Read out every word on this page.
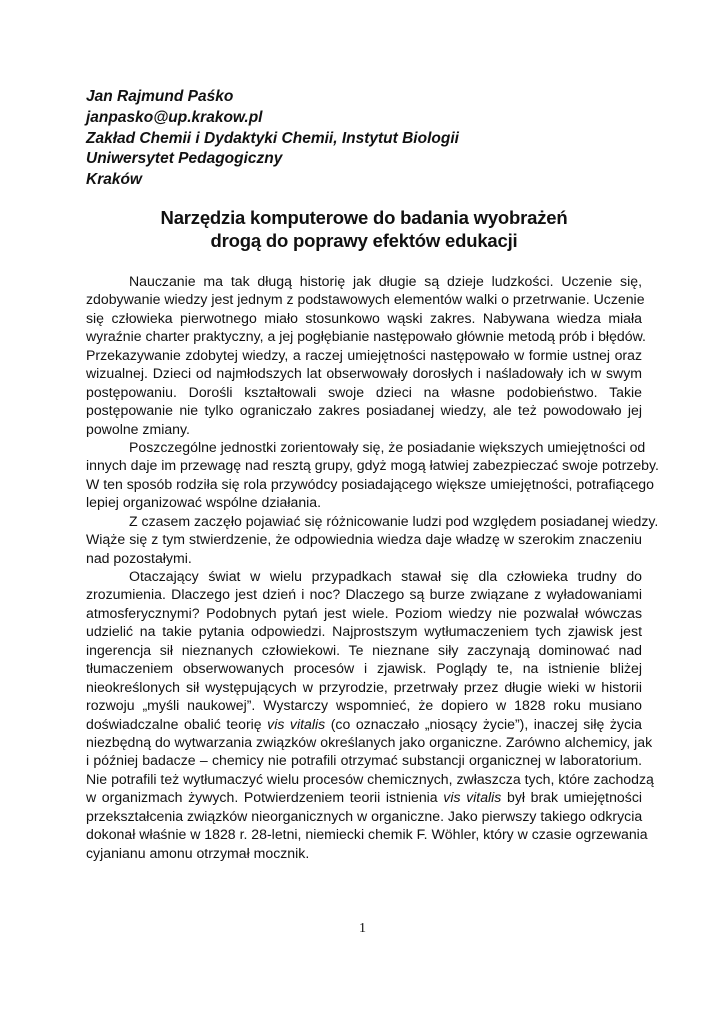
Jan Rajmund Paśko
janpasko@up.krakow.pl
Zakład Chemii i Dydaktyki Chemii, Instytut Biologii
Uniwersytet Pedagogiczny
Kraków
Narzędzia komputerowe do badania wyobrażeń
drogą do poprawy efektów edukacji
Nauczanie ma tak długą historię jak długie są dzieje ludzkości. Uczenie się,
zdobywanie wiedzy jest jednym z podstawowych elementów walki o przetrwanie. Uczenie
się człowieka pierwotnego miało stosunkowo wąski zakres. Nabywana wiedza miała
wyraźnie charter praktyczny, a jej pogłębianie następowało głównie metodą prób i błędów.
Przekazywanie zdobytej wiedzy, a raczej umiejętności następowało w formie ustnej oraz
wizualnej. Dzieci od najmłodszych lat obserwowały dorosłych i naśladowały ich w swym
postępowaniu. Dorośli kształtowali swoje dzieci na własne podobieństwo. Takie
postępowanie nie tylko ograniczało zakres posiadanej wiedzy, ale też powodowało jej
powolne zmiany.
Poszczególne jednostki zorientowały się, że posiadanie większych umiejętności od
innych daje im przewagę nad resztą grupy, gdyż mogą łatwiej zabezpieczać swoje potrzeby.
W ten sposób rodziła się rola przywódcy posiadającego większe umiejętności, potrafiącego
lepiej organizować wspólne działania.
Z czasem zaczęło pojawiać się różnicowanie ludzi pod względem posiadanej wiedzy.
Wiąże się z tym stwierdzenie, że odpowiednia wiedza daje władzę w szerokim znaczeniu
nad pozostałymi.
Otaczający świat w wielu przypadkach stawał się dla człowieka trudny do
zrozumienia. Dlaczego jest dzień i noc? Dlaczego są burze związane z wyładowaniami
atmosferycznymi? Podobnych pytań jest wiele. Poziom wiedzy nie pozwalał wówczas
udzielić na takie pytania odpowiedzi. Najprostszym wytłumaczeniem tych zjawisk jest
ingerencja sił nieznanych człowiekowi. Te nieznane siły zaczynają dominować nad
tłumaczeniem obserwowanych procesów i zjawisk. Poglądy te, na istnienie bliżej
nieokreślonych sił występujących w przyrodzie, przetrwały przez długie wieki w historii
rozwoju „myśli naukowej”. Wystarczy wspomnieć, że dopiero w 1828 roku musiano
doświadczalne obalić teorię vis vitalis (co oznaczało „niosący życie”), inaczej siłę życia
niezbędną do wytwarzania związków określanych jako organiczne. Zarówno alchemicy, jak
i później badacze – chemicy nie potrafili otrzymać substancji organicznej w laboratorium.
Nie potrafili też wytłumaczyć wielu procesów chemicznych, zwłaszcza tych, które zachodzą
w organizmach żywych. Potwierdzeniem teorii istnienia vis vitalis był brak umiejętności
przekształcenia związków nieorganicznych w organiczne. Jako pierwszy takiego odkrycia
dokonał właśnie w 1828 r. 28-letni, niemiecki chemik F. Wöhler, który w czasie ogrzewania
cyjanianu amonu otrzymał mocznik.
1
